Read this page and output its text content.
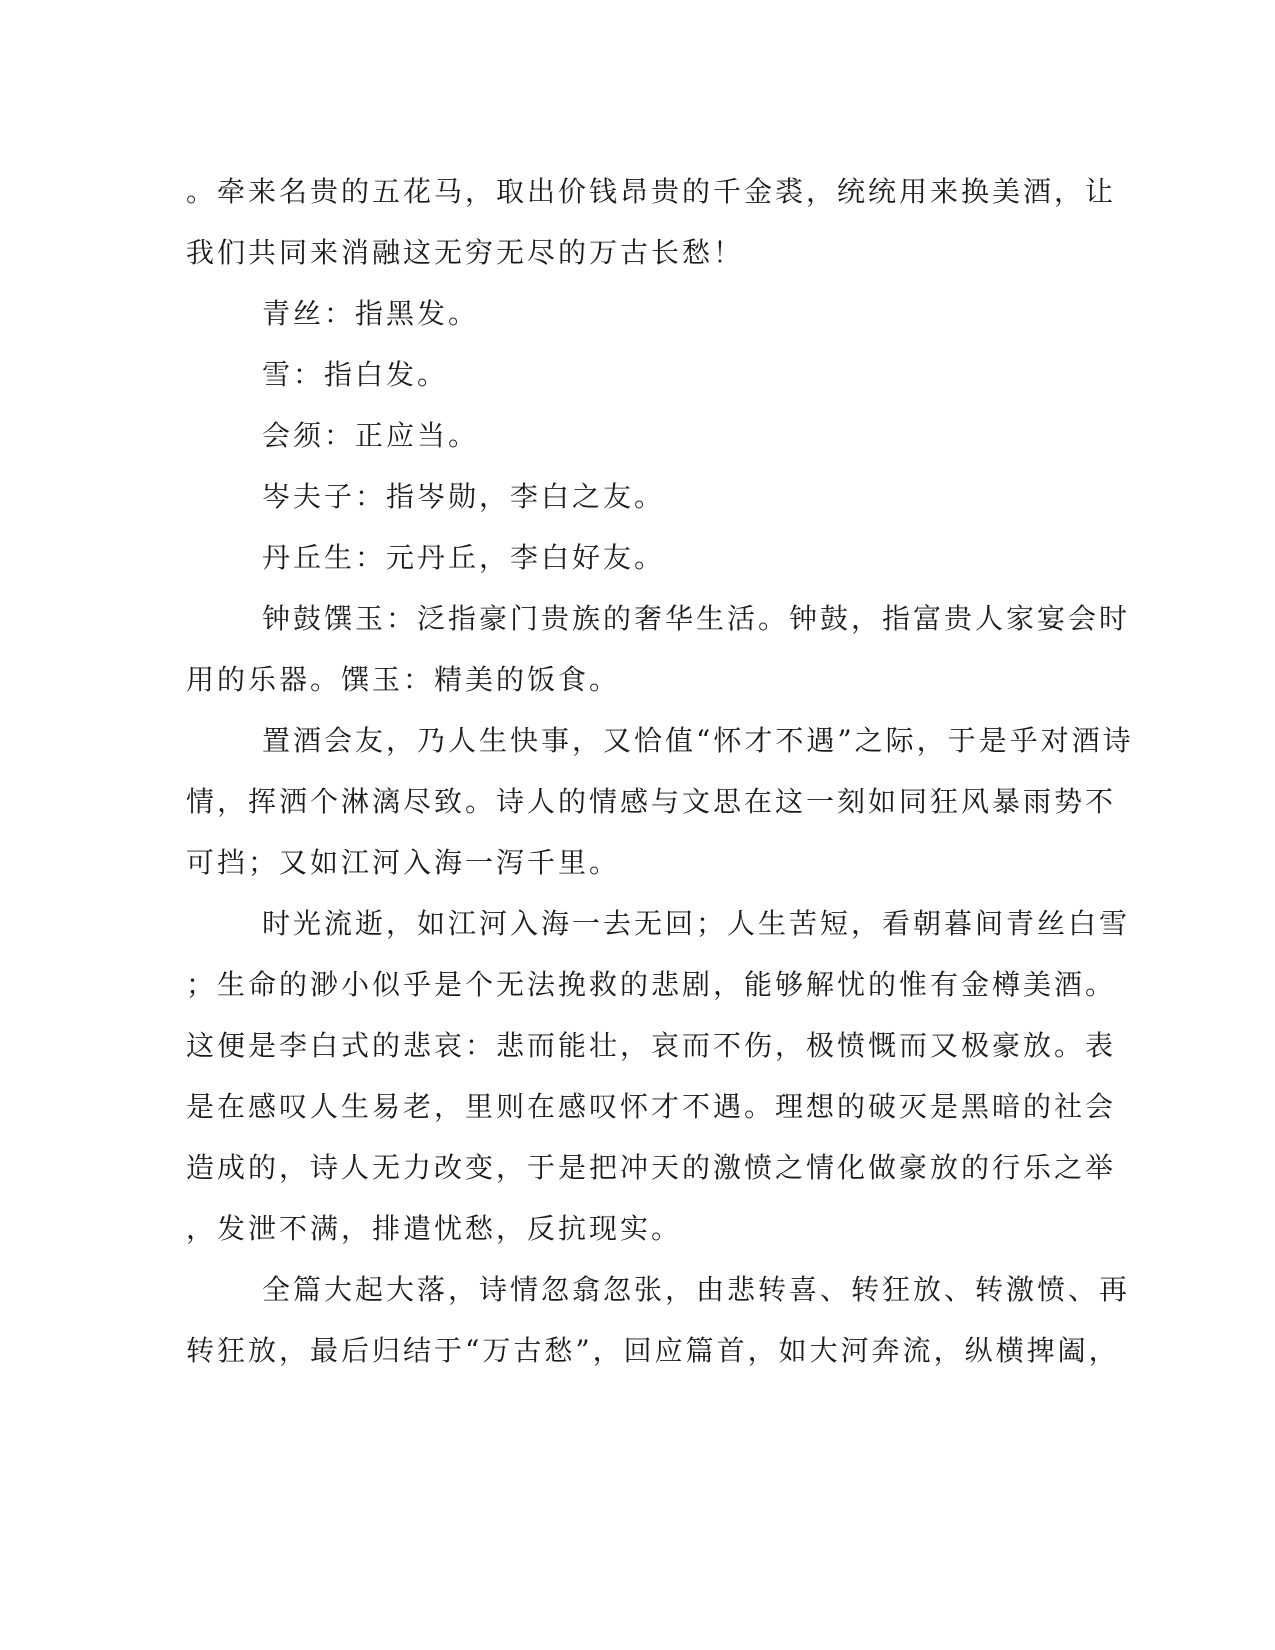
。牵来名贵的五花马，取出价钱昂贵的千金裘，统统用来换美酒，让
我们共同来消融这无穷无尽的万古长愁！
青丝：指黑发。
雪：指白发。
会须：正应当。
岑夫子：指岑勋，李白之友。
丹丘生：元丹丘，李白好友。
钟鼓馔玉：泛指豪门贵族的奢华生活。钟鼓，指富贵人家宴会时
用的乐器。馔玉：精美的饭食。
置酒会友，乃人生快事，又恰值“怀才不遇”之际，于是乎对酒诗
情，挥洒个淋漓尽致。诗人的情感与文思在这一刻如同狂风暴雨势不
可挡；又如江河入海一泻千里。
时光流逝，如江河入海一去无回；人生苦短，看朝暮间青丝白雪
；生命的渺小似乎是个无法挽救的悲剧，能够解忧的惟有金樽美酒。
这便是李白式的悲哀：悲而能壮，哀而不伤，极愤慨而又极豪放。表
是在感叹人生易老，里则在感叹怀才不遇。理想的破灭是黑暗的社会
造成的，诗人无力改变，于是把冲天的激愤之情化做豪放的行乐之举
，发泄不满，排遣忧愁，反抗现实。
全篇大起大落，诗情忽翕忽张，由悲转喜、转狂放、转激愤、再
转狂放，最后归结于“万古愁”，回应篇首，如大河奔流，纵横捭阖，
